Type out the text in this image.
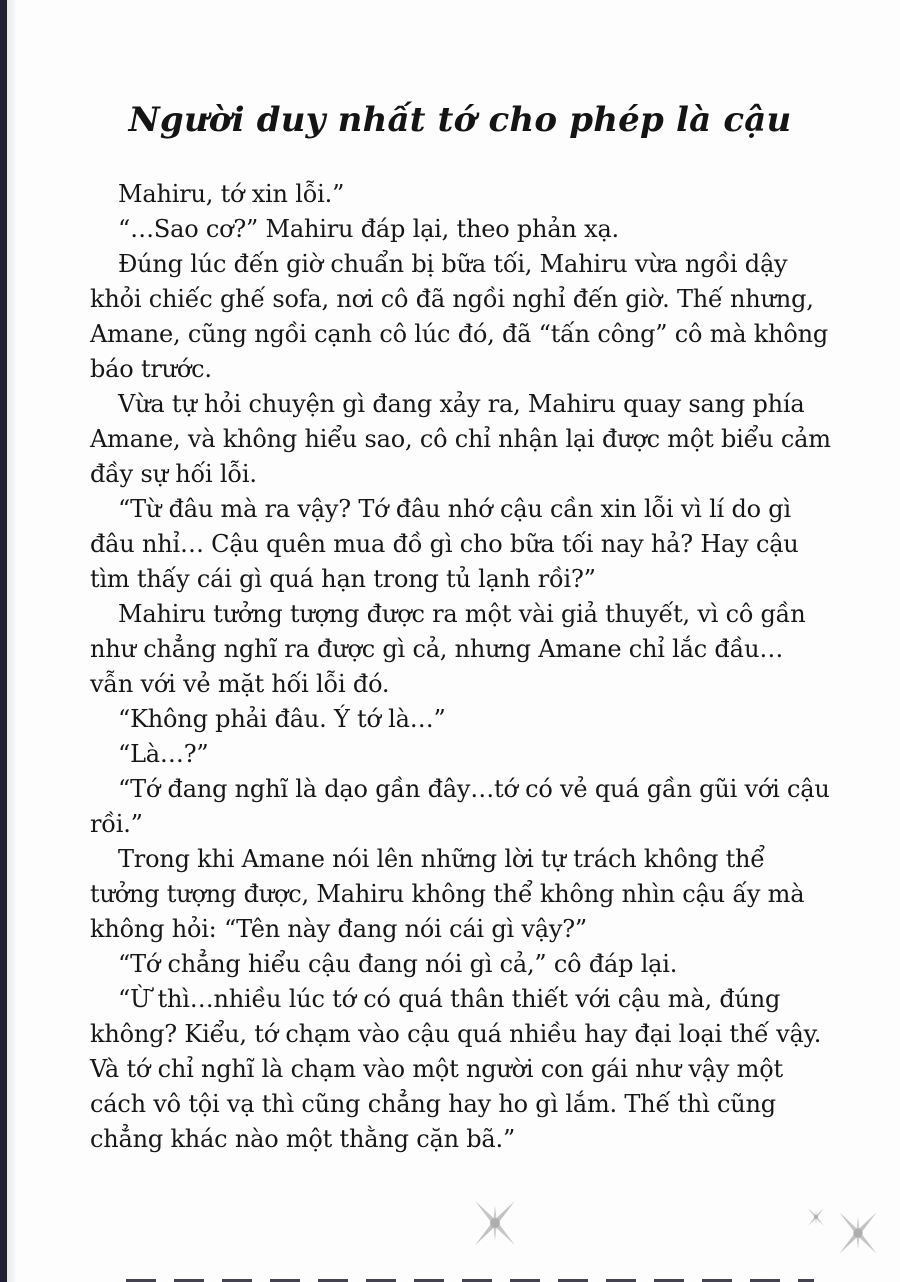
Người duy nhất tớ cho phép là cậu

Mahiru, tớ xin lỗi.”

“…Sao cơ?” Mahiru đáp lại, theo phản xạ.

Đúng lúc đến giờ chuẩn bị bữa tối, Mahiru vừa ngồi dậy khỏi chiếc ghế sofa, nơi cô đã ngồi nghỉ đến giờ. Thế nhưng, Amane, cũng ngồi cạnh cô lúc đó, đã “tấn công” cô mà không báo trước.

Vừa tự hỏi chuyện gì đang xảy ra, Mahiru quay sang phía Amane, và không hiểu sao, cô chỉ nhận lại được một biểu cảm đầy sự hối lỗi.

“Từ đâu mà ra vậy? Tớ đâu nhớ cậu cần xin lỗi vì lí do gì đâu nhỉ… Cậu quên mua đồ gì cho bữa tối nay hả? Hay cậu tìm thấy cái gì quá hạn trong tủ lạnh rồi?”

Mahiru tưởng tượng được ra một vài giả thuyết, vì cô gần như chẳng nghĩ ra được gì cả, nhưng Amane chỉ lắc đầu… vẫn với vẻ mặt hối lỗi đó.

“Không phải đâu. Ý tớ là…”

“Là…?”

“Tớ đang nghĩ là dạo gần đây…tớ có vẻ quá gần gũi với cậu rồi.”

Trong khi Amane nói lên những lời tự trách không thể tưởng tượng được, Mahiru không thể không nhìn cậu ấy mà không hỏi: “Tên này đang nói cái gì vậy?”

“Tớ chẳng hiểu cậu đang nói gì cả,” cô đáp lại.

“Ừ thì…nhiều lúc tớ có quá thân thiết với cậu mà, đúng không? Kiểu, tớ chạm vào cậu quá nhiều hay đại loại thế vậy. Và tớ chỉ nghĩ là chạm vào một người con gái như vậy một cách vô tội vạ thì cũng chẳng hay ho gì lắm. Thế thì cũng chẳng khác nào một thằng cặn bã.”
